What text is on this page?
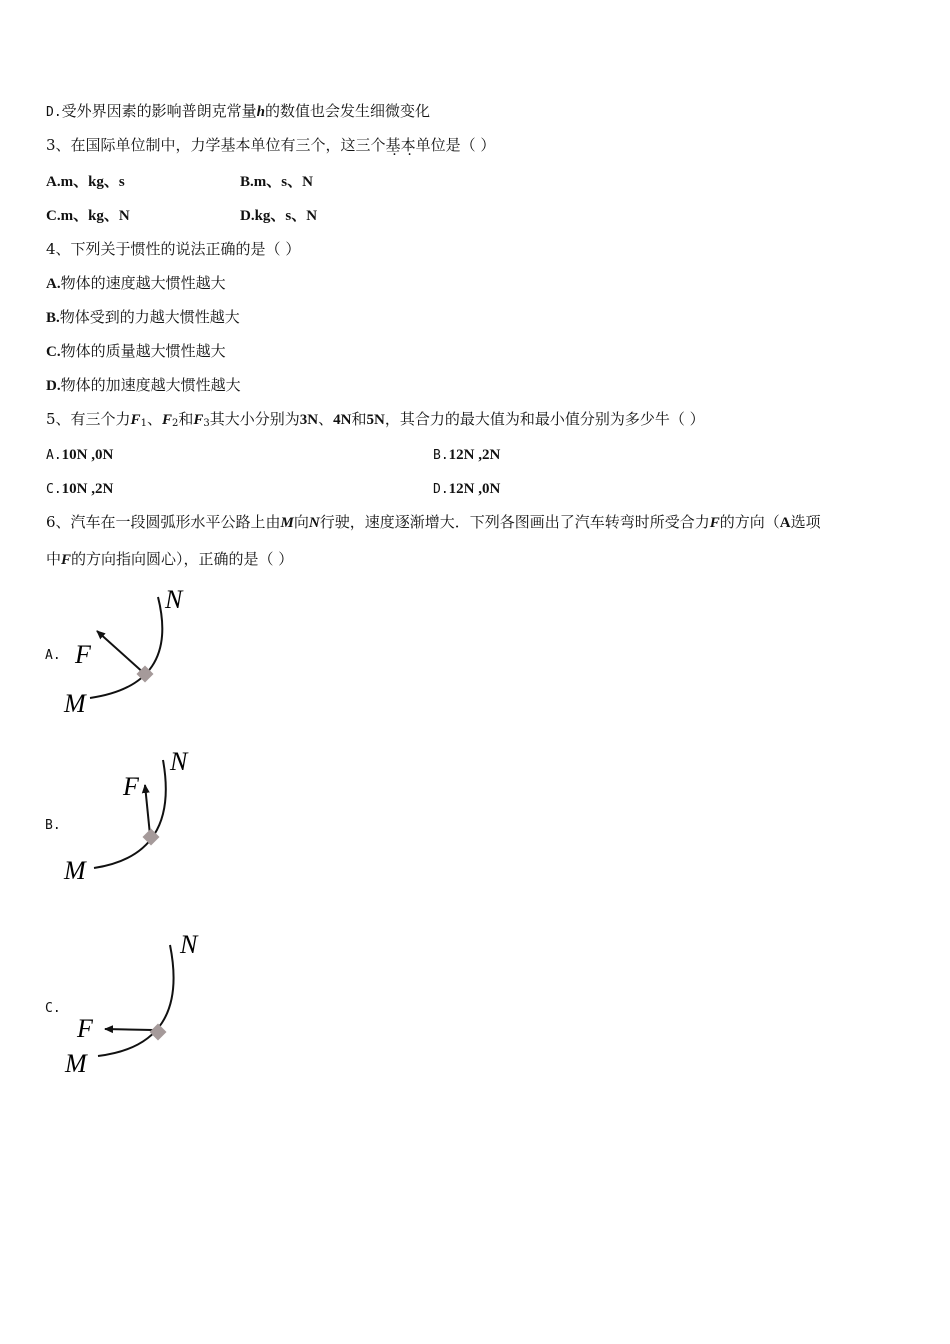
D.受外界因素的影响普朗克常量h的数值也会发生细微变化
3、在国际单位制中，力学基本单位有三个，这三个基本单位是（ ）
A.m、kg、s	B.m、s、N
C.m、kg、N	D.kg、s、N
4、下列关于惯性的说法正确的是（ ）
A.物体的速度越大惯性越大
B.物体受到的力越大惯性越大
C.物体的质量越大惯性越大
D.物体的加速度越大惯性越大
5、有三个力$F_1$、$F_2$和$F_3$其大小分别为3N、4N和5N，其合力的最大值为和最小值分别为多少牛（ ）
A.10N ,0N	B.12N ,2N
C.10N ,2N	D.12N ,0N
6、汽车在一段圆弧形水平公路上由M向N行驶，速度逐渐增大．下列各图画出了汽车转弯时所受合力F的方向（A选项
中F的方向指向圆心），正确的是（ ）
A.
N
F
M
B.
N
F
M
C.
N
F
M
